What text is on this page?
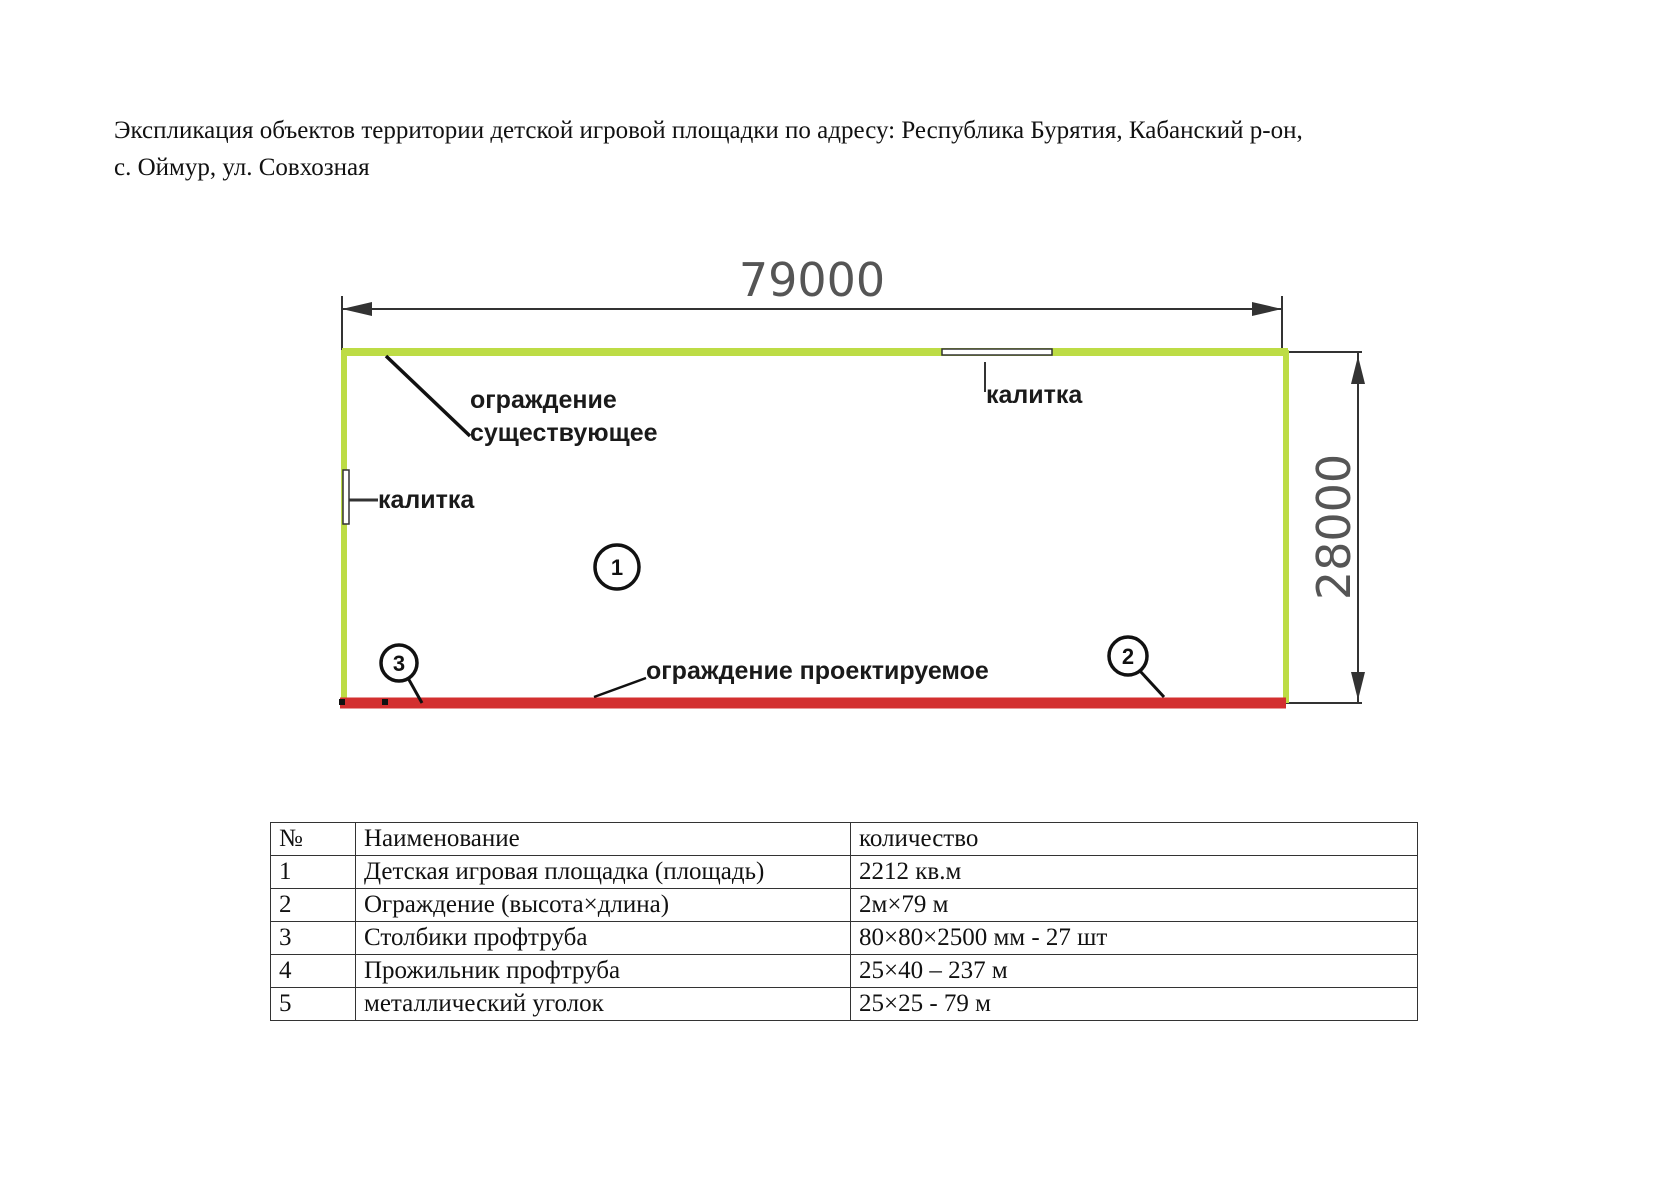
Экспликация объектов территории детской игровой площадки по адресу: Республика Бурятия, Кабанский р-он,
с. Оймур, ул. Совхозная
79000
28000
калитка
калитка
ограждение
существующее
ограждение проектируемое
1
2
3
№	Наименование	количество
1	Детская игровая площадка (площадь)	2212 кв.м
2	Ограждение (высота×длина)	2м×79 м
3	Столбики профтруба	80×80×2500 мм - 27 шт
4	Прожильник профтруба	25×40 – 237 м
5	металлический уголок	25×25 - 79 м
